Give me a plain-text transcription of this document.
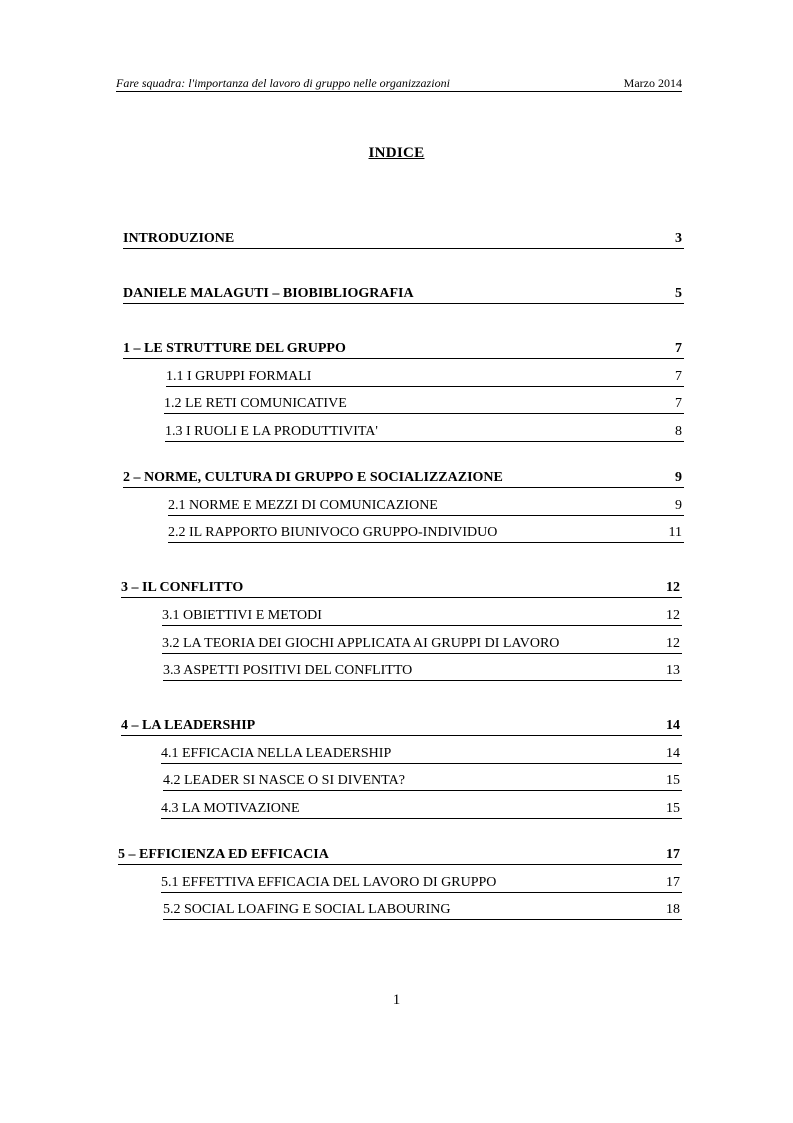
Fare squadra: l'importanza del lavoro di gruppo nelle organizzazioni	Marzo 2014
INDICE
INTRODUZIONE	3
DANIELE MALAGUTI – BIOBIBLIOGRAFIA	5
1 – LE STRUTTURE DEL GRUPPO	7
1.1 I GRUPPI FORMALI	7
1.2 LE RETI COMUNICATIVE	7
1.3 I RUOLI E LA PRODUTTIVITA'	8
2 – NORME, CULTURA DI GRUPPO E SOCIALIZZAZIONE	9
2.1 NORME E MEZZI DI COMUNICAZIONE	9
2.2 IL RAPPORTO BIUNIVOCO GRUPPO-INDIVIDUO	11
3 – IL CONFLITTO	12
3.1 OBIETTIVI E METODI	12
3.2 LA TEORIA DEI GIOCHI APPLICATA AI GRUPPI DI LAVORO	12
3.3 ASPETTI POSITIVI DEL CONFLITTO	13
4 – LA LEADERSHIP	14
4.1 EFFICACIA NELLA LEADERSHIP	14
4.2 LEADER SI NASCE O SI DIVENTA?	15
4.3 LA MOTIVAZIONE	15
5 – EFFICIENZA ED EFFICACIA	17
5.1 EFFETTIVA EFFICACIA DEL LAVORO DI GRUPPO	17
5.2 SOCIAL LOAFING E SOCIAL LABOURING	18
1
